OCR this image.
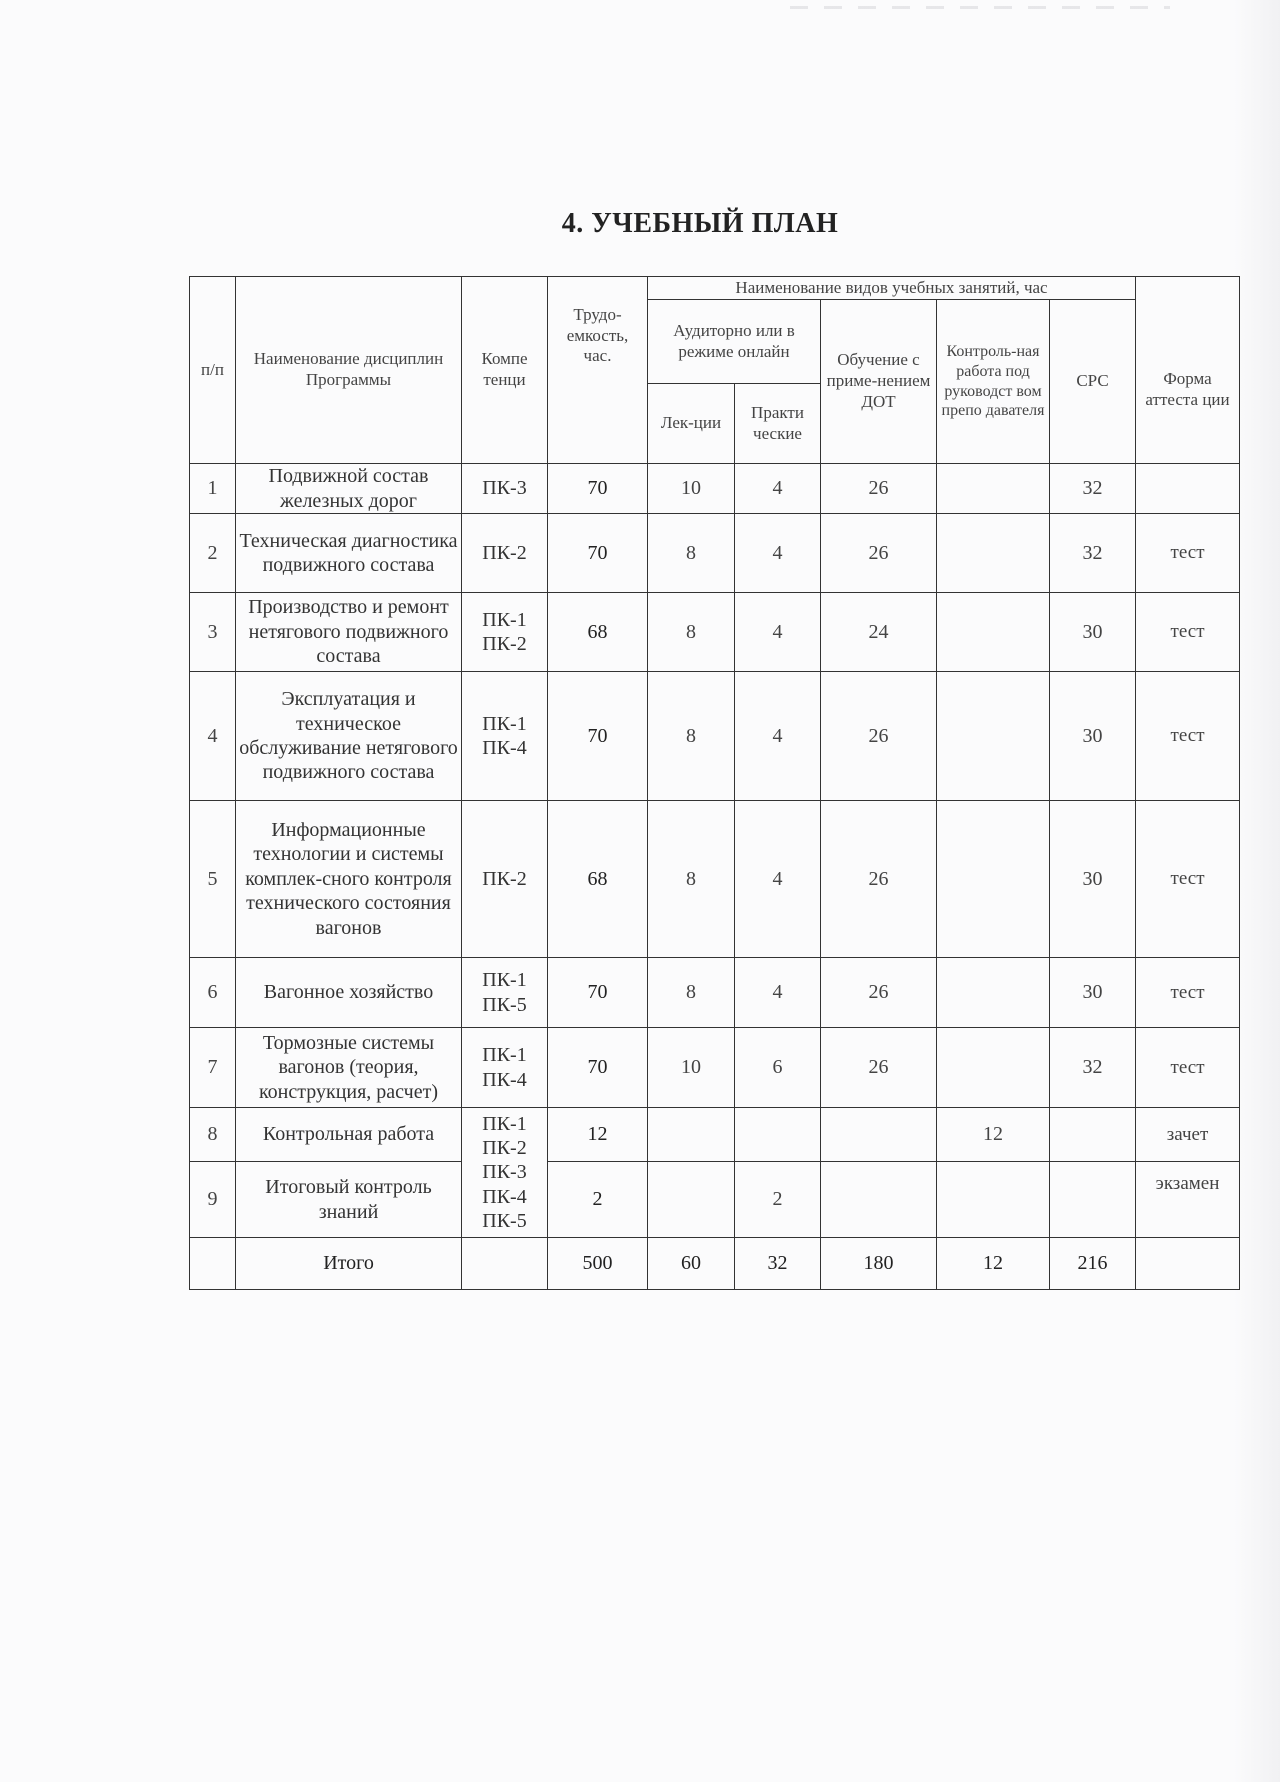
4. УЧЕБНЫЙ ПЛАН
п/п	Наименование дисциплин Программы	Компе тенци	Трудо-емкость, час.	Наименование видов учебных занятий, час					Форма аттеста ции
				Аудиторно или в режиме онлайн		Обучение с приме-нением ДОТ	Контроль-ная работа под руководст вом препо давателя	СРС	
				Лек-ции	Практи ческие				
1	Подвижной состав железных дорог	ПК-3	70	10	4	26		32	
2	Техническая диагностика подвижного состава	ПК-2	70	8	4	26		32	тест
3	Производство и ремонт нетягового подвижного состава	ПК-1 ПК-2	68	8	4	24		30	тест
4	Эксплуатация и техническое обслуживание нетягового подвижного состава	ПК-1 ПК-4	70	8	4	26		30	тест
5	Информационные технологии и системы комплек-сного контроля технического состояния вагонов	ПК-2	68	8	4	26		30	тест
6	Вагонное хозяйство	ПК-1 ПК-5	70	8	4	26		30	тест
7	Тормозные системы вагонов (теория, конструкция, расчет)	ПК-1 ПК-4	70	10	6	26		32	тест
8	Контрольная работа	ПК-1 ПК-2 ПК-3 ПК-4 ПК-5	12				12		зачет
9	Итоговый контроль знаний		2		2				экзамен
	Итого		500	60	32	180	12	216	
